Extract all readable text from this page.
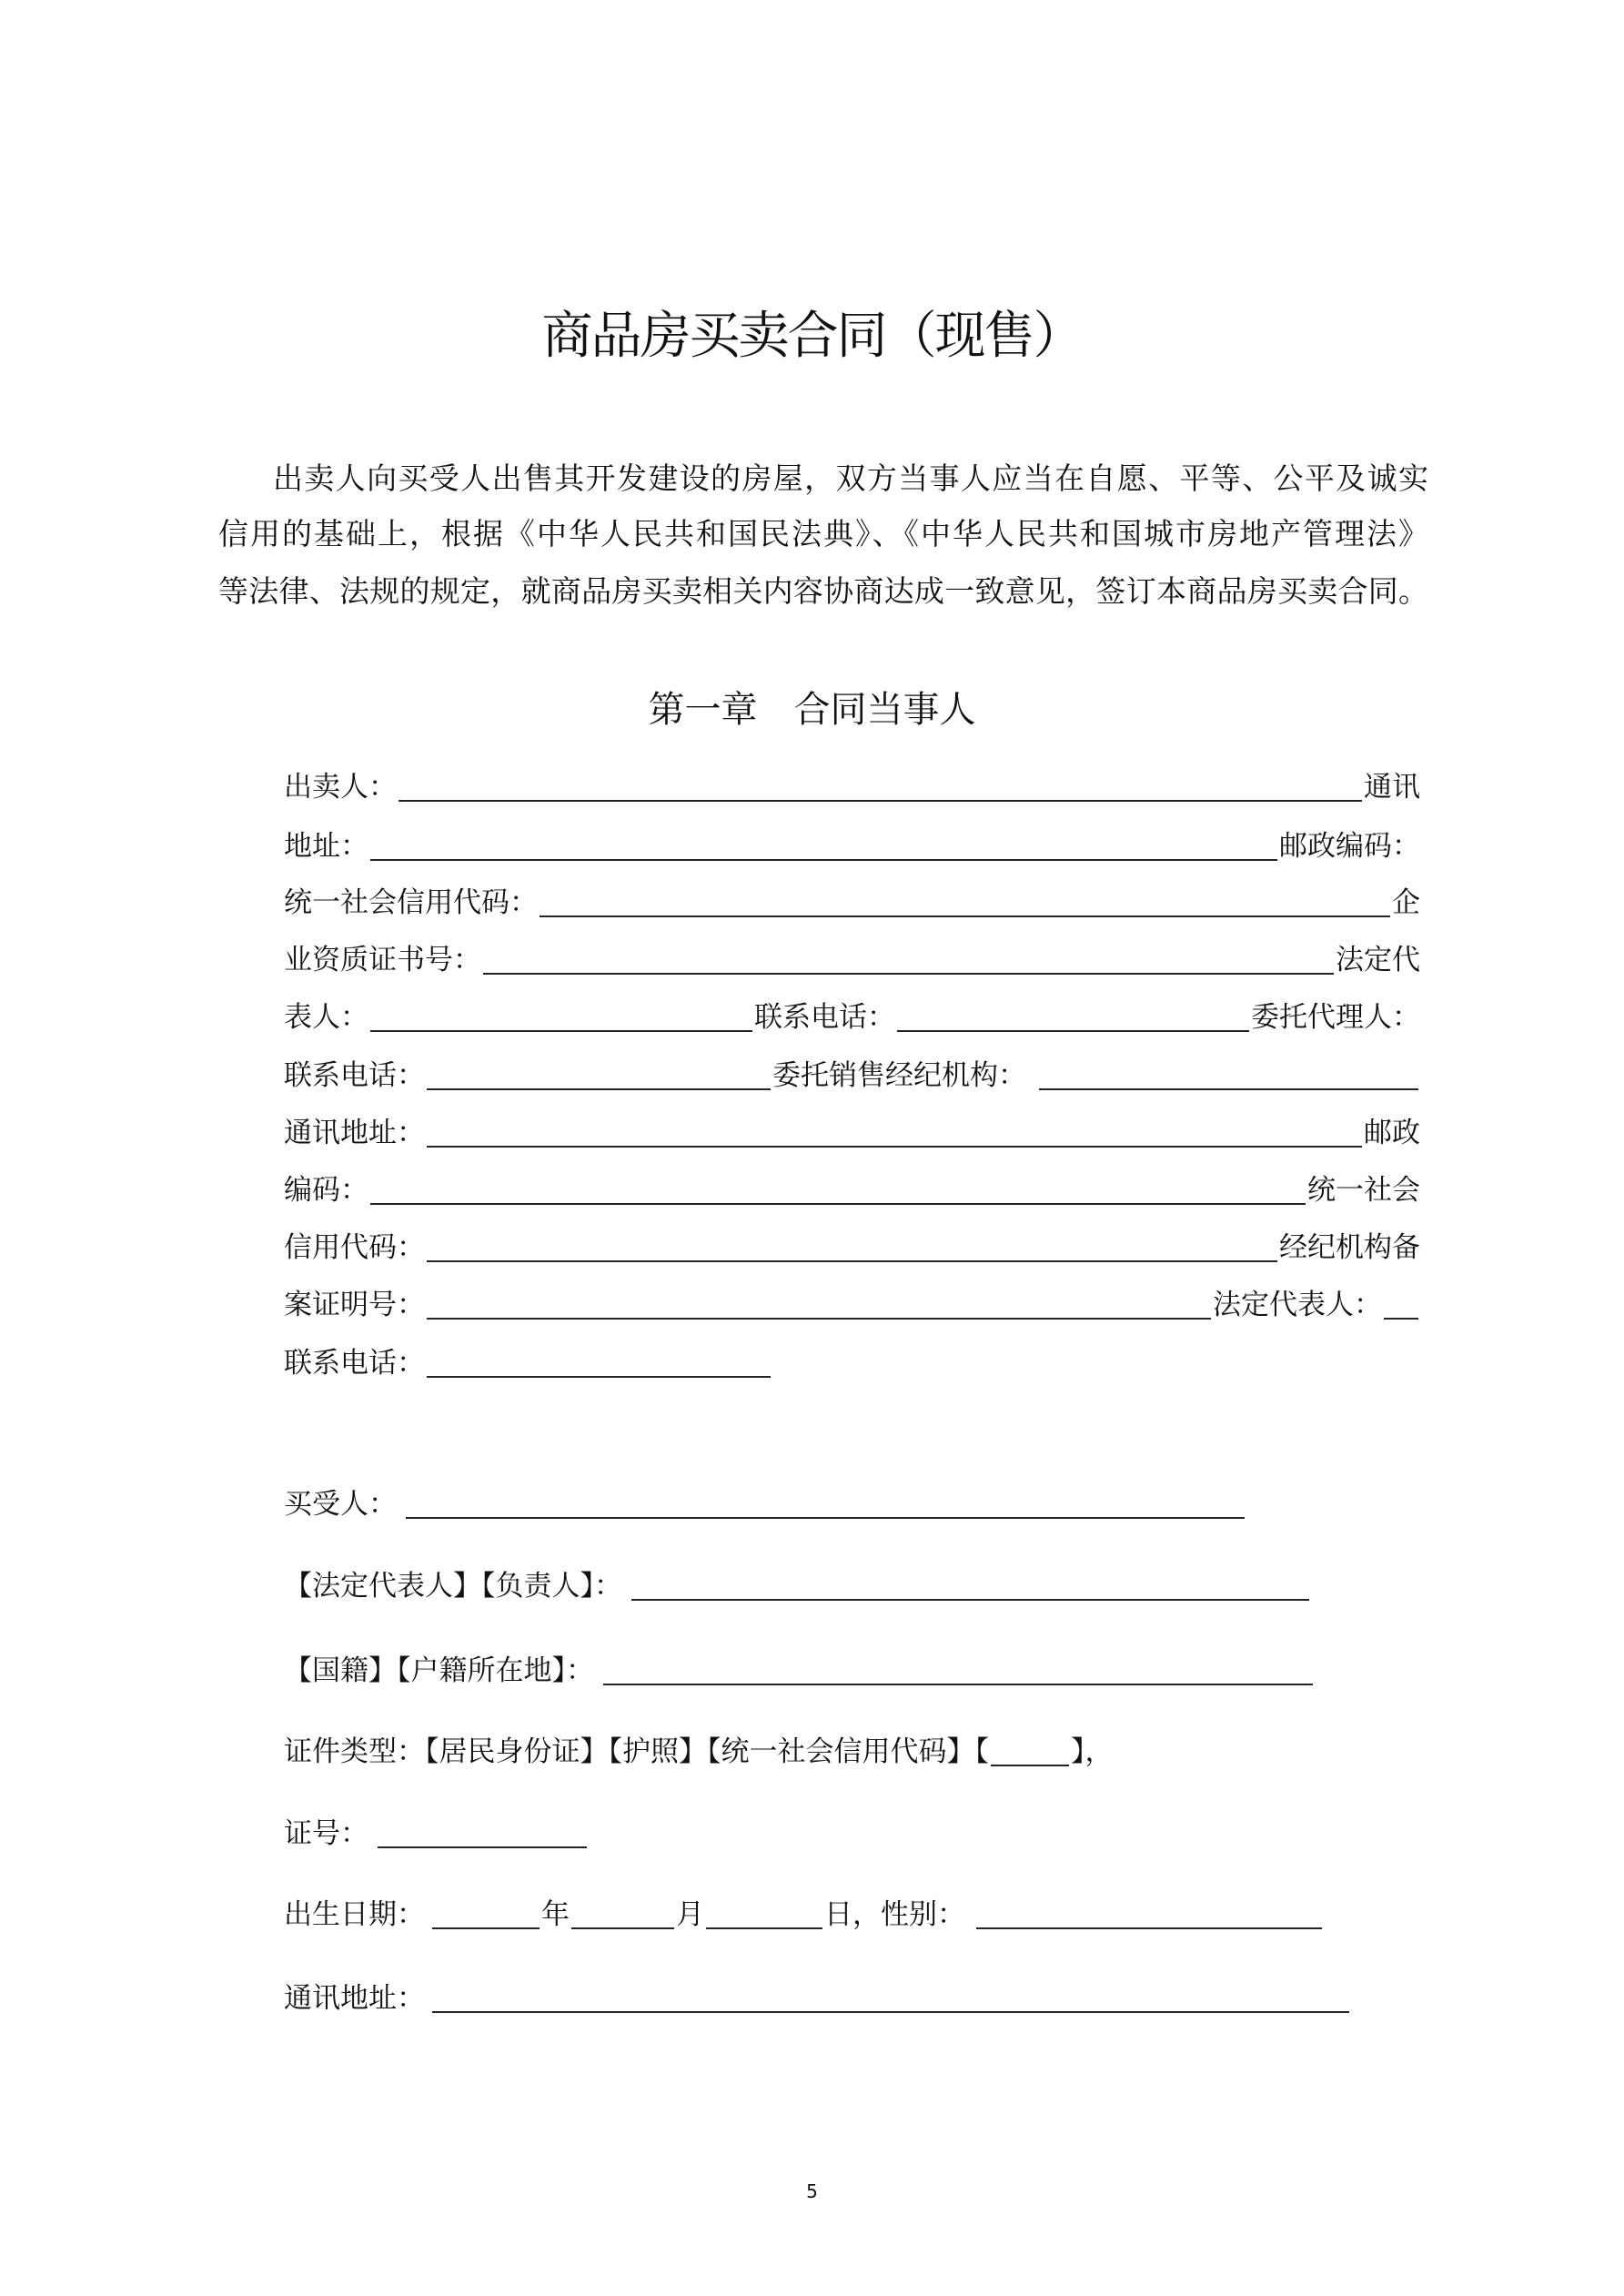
商品房买卖合同（现售）
出卖人向买受人出售其开发建设的房屋，双方当事人应当在自愿、平等、公平及诚实
信用的基础上，根据《中华人民共和国民法典》、《中华人民共和国城市房地产管理法》
等法律、法规的规定，就商品房买卖相关内容协商达成一致意见，签订本商品房买卖合同。
第一章　合同当事人
出卖人：	通讯
地址：	邮政编码：
统一社会信用代码：	企
业资质证书号：	法定代
表人：	联系电话：	委托代理人：
联系电话：	委托销售经纪机构：
通讯地址：	邮政
编码：	统一社会
信用代码：	经纪机构备
案证明号：	法定代表人：
联系电话：
买受人：
【法定代表人】【负责人】：
【国籍】【户籍所在地】：
证件类型：【居民身份证】【护照】【统一社会信用代码】【	】，
证号：
出生日期：	年	月	日，性别：
通讯地址：
5
